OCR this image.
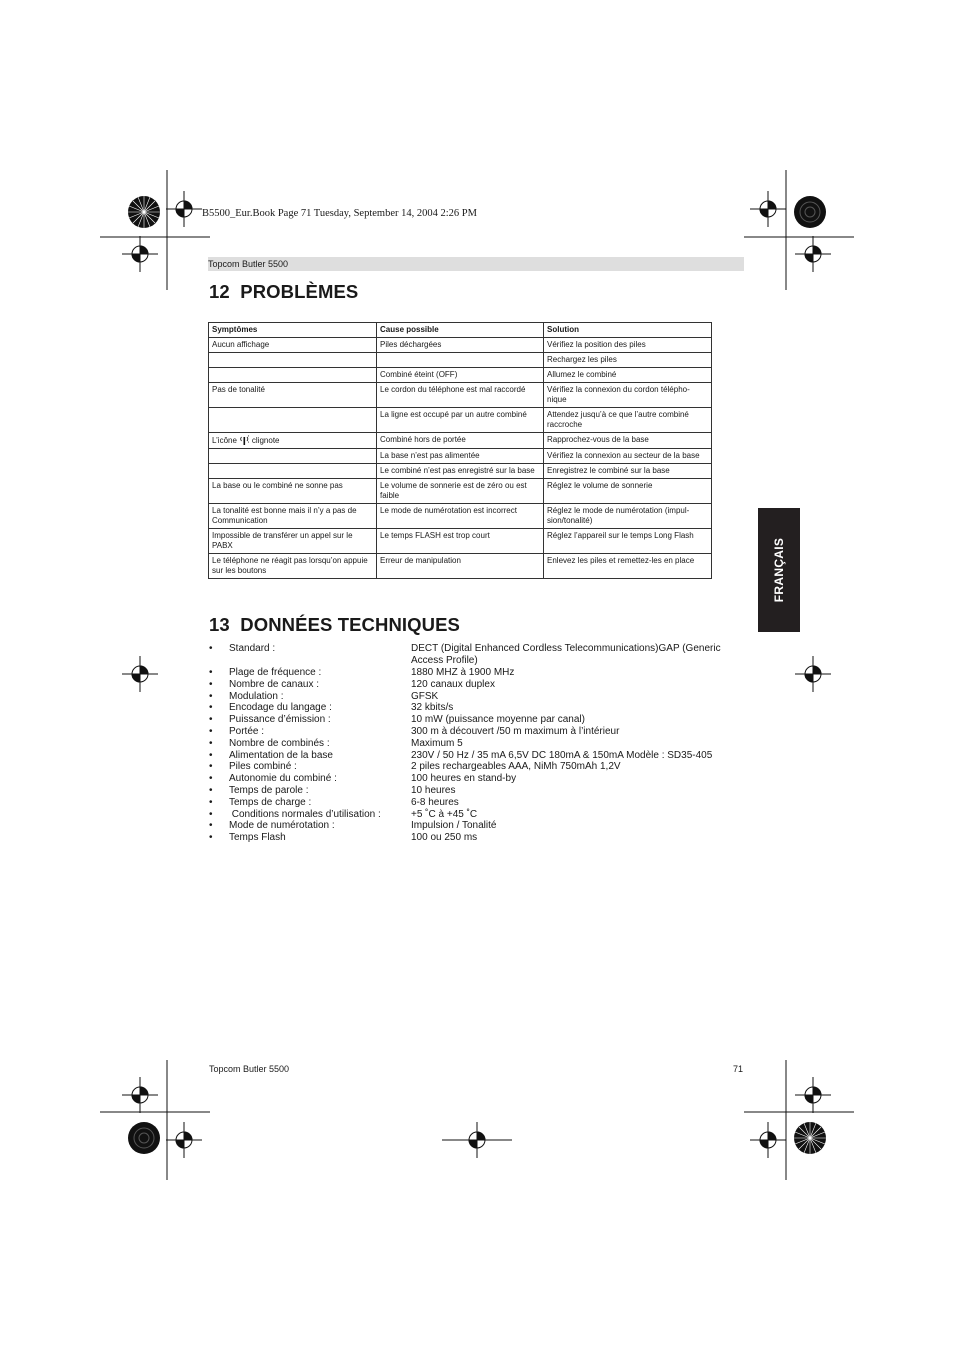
B5500_Eur.Book Page 71 Tuesday, September 14, 2004 2:26 PM
Topcom Butler 5500
12 PROBLÈMES
FRANÇAIS
Symptômes	Cause possible	Solution
Aucun affichage	Piles déchargées	Vérifiez la position des piles
		Rechargez les piles
	Combiné éteint (OFF)	Allumez le combiné
Pas de tonalité	Le cordon du téléphone est mal raccordé	Vérifiez la connexion du cordon télépho-nique
	La ligne est occupé par un autre combiné	Attendez jusqu’à ce que l’autre combiné raccroche
L’icône clignote	Combiné hors de portée	Rapprochez-vous de la base
	La base n’est pas alimentée	Vérifiez la connexion au secteur de la base
	Le combiné n’est pas enregistré sur la base	Enregistrez le combiné sur la base
La base ou le combiné ne sonne pas	Le volume de sonnerie est de zéro ou est faible	Réglez le volume de sonnerie
La tonalité est bonne mais il n’y a pas de Communication	Le mode de numérotation est incorrect	Réglez le mode de numérotation (impul-sion/tonalité)
Impossible de transférer un appel sur le PABX	Le temps FLASH est trop court	Réglez l’appareil sur le temps Long Flash
Le téléphone ne réagit pas lorsqu’on appuie sur les boutons	Erreur de manipulation	Enlevez les piles et remettez-les en place
13 DONNÉES TECHNIQUES
• Standard :	DECT (Digital Enhanced Cordless Telecommunications)GAP (Generic Access Profile)
• Plage de fréquence :	1880 MHZ à 1900 MHz
• Nombre de canaux :	120 canaux duplex
• Modulation :	GFSK
• Encodage du langage :	32 kbits/s
• Puissance d’émission :	10 mW (puissance moyenne par canal)
• Portée :	300 m à découvert /50 m maximum à l’intérieur
• Nombre de combinés :	Maximum 5
• Alimentation de la base	230V / 50 Hz / 35 mA 6,5V DC 180mA & 150mA Modèle : SD35-405
• Piles combiné :	2 piles rechargeables AAA, NiMh 750mAh 1,2V
• Autonomie du combiné :	100 heures en stand-by
• Temps de parole :	10 heures
• Temps de charge :	6-8 heures
• Conditions normales d’utilisation :	+5 ˚C à +45 ˚C
• Mode de numérotation :	Impulsion / Tonalité
• Temps Flash	100 ou 250 ms
Topcom Butler 5500	71
